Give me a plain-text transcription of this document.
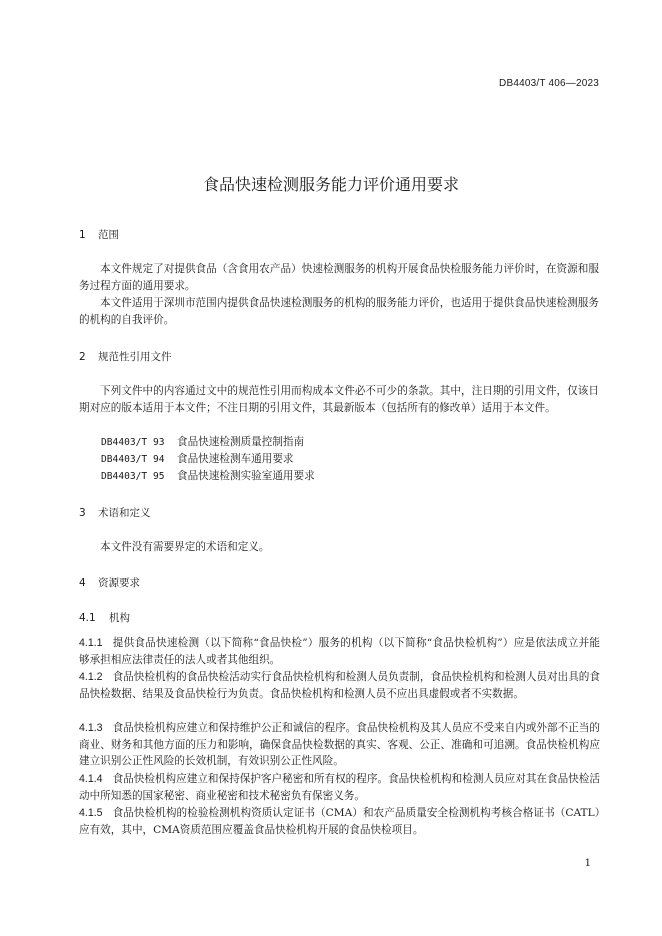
DB4403/T 406—2023
食品快速检测服务能力评价通用要求
1 范围

本文件规定了对提供食品（含食用农产品）快速检测服务的机构开展食品快检服务能力评价时，在资源和服务过程方面的通用要求。

本文件适用于深圳市范围内提供食品快速检测服务的机构的服务能力评价，也适用于提供食品快速检测服务的机构的自我评价。

2 规范性引用文件

下列文件中的内容通过文中的规范性引用而构成本文件必不可少的条款。其中，注日期的引用文件，仅该日期对应的版本适用于本文件；不注日期的引用文件，其最新版本（包括所有的修改单）适用于本文件。

DB4403/T 93 食品快速检测质量控制指南
DB4403/T 94 食品快速检测车通用要求
DB4403/T 95 食品快速检测实验室通用要求
3 术语和定义

本文件没有需要界定的术语和定义。

4 资源要求
4.1 机构

4.1.1 提供食品快速检测（以下简称“食品快检”）服务的机构（以下简称“食品快检机构”）应是依法成立并能够承担相应法律责任的法人或者其他组织。

4.1.2 食品快检机构的食品快检活动实行食品快检机构和检测人员负责制，食品快检机构和检测人员对出具的食品快检数据、结果及食品快检行为负责。食品快检机构和检测人员不应出具虚假或者不实数据。

4.1.3 食品快检机构应建立和保持维护公正和诚信的程序。食品快检机构及其人员应不受来自内或外部不正当的商业、财务和其他方面的压力和影响，确保食品快检数据的真实、客观、公正、准确和可追溯。食品快检机构应建立识别公正性风险的长效机制，有效识别公正性风险。

4.1.4 食品快检机构应建立和保持保护客户秘密和所有权的程序。食品快检机构和检测人员应对其在食品快检活动中所知悉的国家秘密、商业秘密和技术秘密负有保密义务。

4.1.5 食品快检机构的检验检测机构资质认定证书（CMA）和农产品质量安全检测机构考核合格证书（CATL）应有效，其中，CMA资质范围应覆盖食品快检机构开展的食品快检项目。

1
